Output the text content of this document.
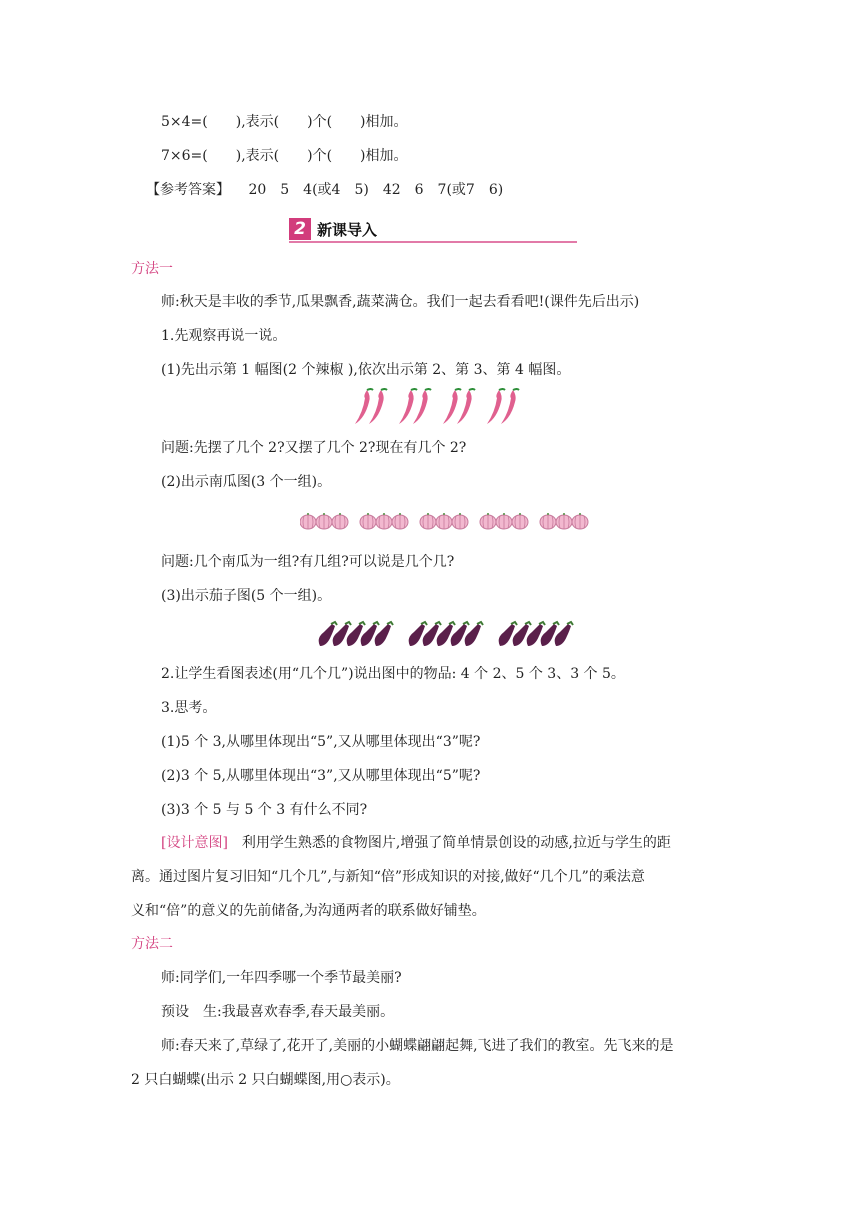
5×4=(　　),表示(　　)个(　　)相加。
7×6=(　　),表示(　　)个(　　)相加。
【参考答案】 20　5　4(或4　5)　42　6　7(或7　6)
2 新课导入
方法一
师:秋天是丰收的季节,瓜果飘香,蔬菜满仓。我们一起去看看吧!(课件先后出示)
1.先观察再说一说。
(1)先出示第 1 幅图(2 个辣椒 ),依次出示第 2、第 3、第 4 幅图。
问题:先摆了几个 2?又摆了几个 2?现在有几个 2?
(2)出示南瓜图(3 个一组)。
问题:几个南瓜为一组?有几组?可以说是几个几?
(3)出示茄子图(5 个一组)。
2.让学生看图表述(用“几个几”)说出图中的物品: 4 个 2、5 个 3、3 个 5。
3.思考。
(1)5 个 3,从哪里体现出“5”,又从哪里体现出“3”呢?
(2)3 个 5,从哪里体现出“3”,又从哪里体现出“5”呢?
(3)3 个 5 与 5 个 3 有什么不同?
[设计意图]　利用学生熟悉的食物图片,增强了简单情景创设的动感,拉近与学生的距
离。通过图片复习旧知“几个几”,与新知“倍”形成知识的对接,做好“几个几”的乘法意
义和“倍”的意义的先前储备,为沟通两者的联系做好铺垫。
方法二
师:同学们,一年四季哪一个季节最美丽?
预设　生:我最喜欢春季,春天最美丽。
师:春天来了,草绿了,花开了,美丽的小蝴蝶翩翩起舞,飞进了我们的教室。先飞来的是
2 只白蝴蝶(出示 2 只白蝴蝶图,用○表示)。
